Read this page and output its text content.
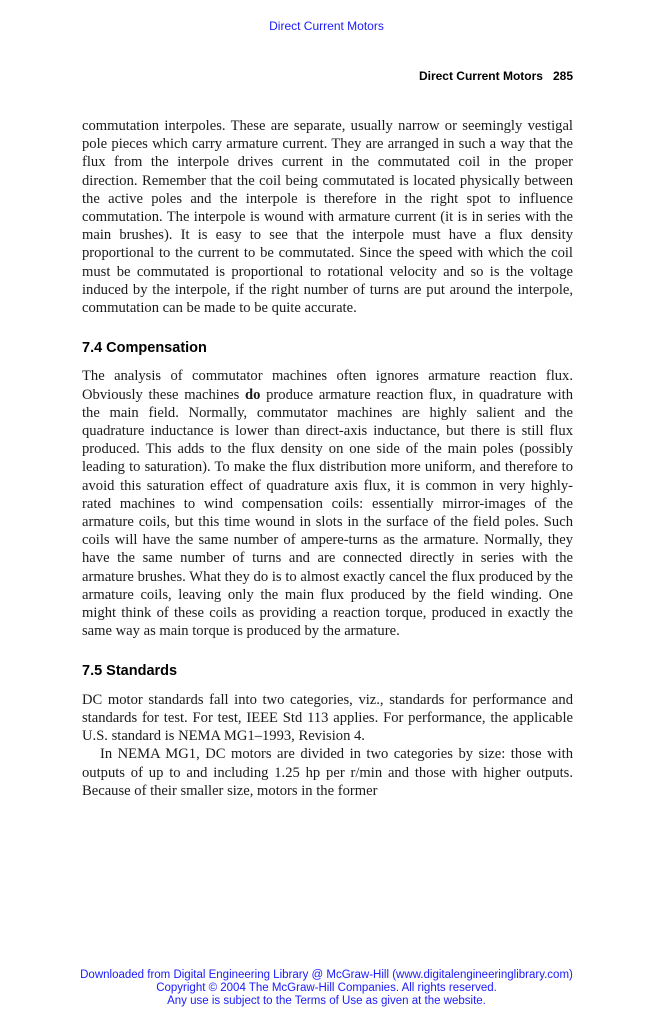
Direct Current Motors
Direct Current Motors 285

commutation interpoles. These are separate, usually narrow or seemingly vestigal pole pieces which carry armature current. They are arranged in such a way that the flux from the interpole drives current in the commutated coil in the proper direction. Remember that the coil being commutated is located physically between the active poles and the interpole is therefore in the right spot to influence commutation. The interpole is wound with armature current (it is in series with the main brushes). It is easy to see that the interpole must have a flux density proportional to the current to be commutated. Since the speed with which the coil must be commutated is proportional to rotational velocity and so is the voltage induced by the interpole, if the right number of turns are put around the interpole, commutation can be made to be quite accurate.

7.4 Compensation

The analysis of commutator machines often ignores armature reaction flux. Obviously these machines do produce armature reaction flux, in quadrature with the main field. Normally, commutator machines are highly salient and the quadrature inductance is lower than direct-axis inductance, but there is still flux produced. This adds to the flux density on one side of the main poles (possibly leading to saturation). To make the flux distribution more uniform, and therefore to avoid this saturation effect of quadrature axis flux, it is common in very highly-rated machines to wind compensation coils: essentially mirror-images of the armature coils, but this time wound in slots in the surface of the field poles. Such coils will have the same number of ampere-turns as the armature. Normally, they have the same number of turns and are connected directly in series with the armature brushes. What they do is to almost exactly cancel the flux produced by the armature coils, leaving only the main flux produced by the field winding. One might think of these coils as providing a reaction torque, produced in exactly the same way as main torque is produced by the armature.

7.5 Standards

DC motor standards fall into two categories, viz., standards for performance and standards for test. For test, IEEE Std 113 applies. For performance, the applicable U.S. standard is NEMA MG1–1993, Revision 4.

In NEMA MG1, DC motors are divided in two categories by size: those with outputs of up to and including 1.25 hp per r/min and those with higher outputs. Because of their smaller size, motors in the former

Downloaded from Digital Engineering Library @ McGraw-Hill (www.digitalengineeringlibrary.com)
Copyright © 2004 The McGraw-Hill Companies. All rights reserved.
Any use is subject to the Terms of Use as given at the website.
